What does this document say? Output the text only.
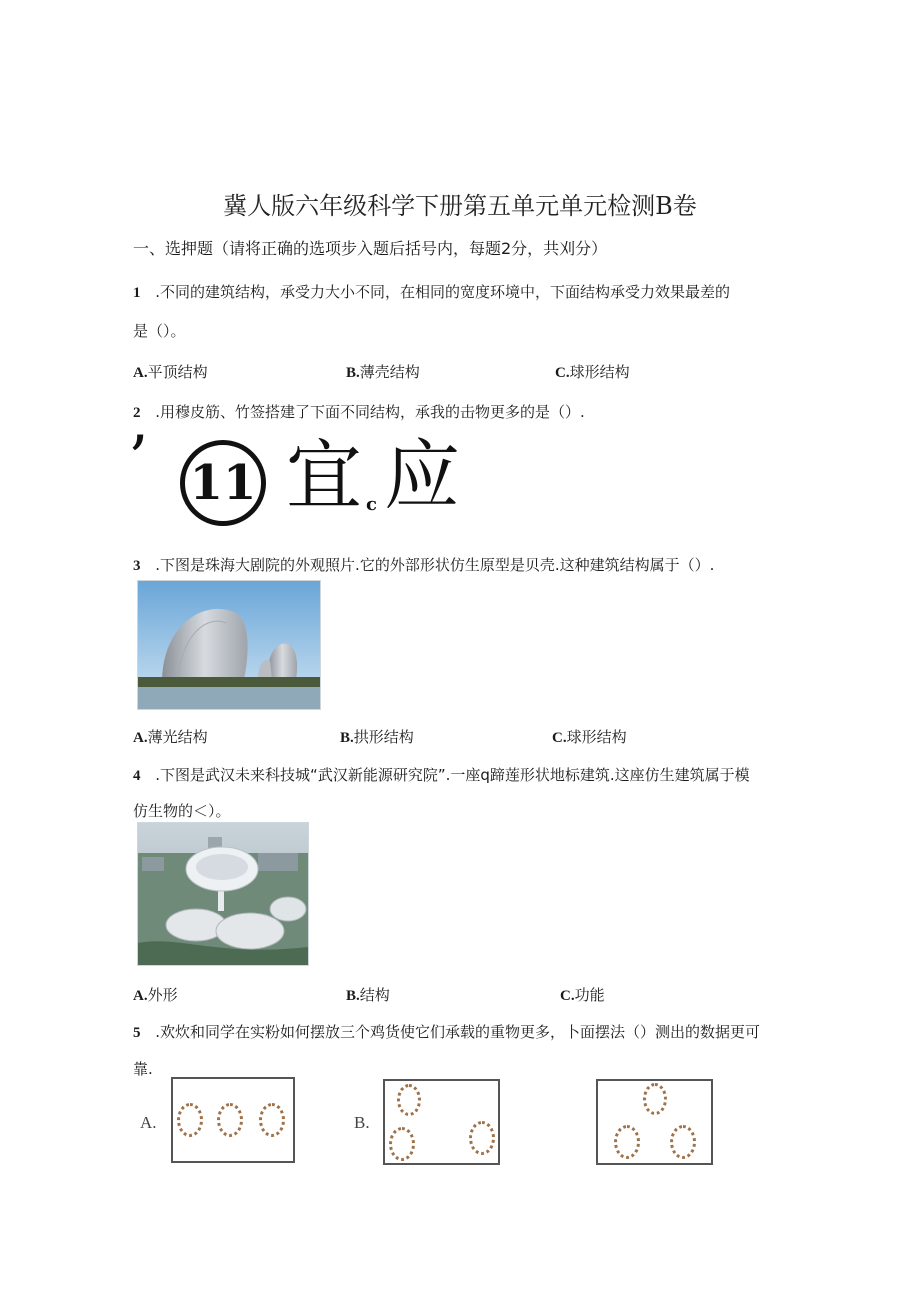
冀人版六年级科学下册第五单元单元检测B卷
一、选押题（请将正确的选项步入题后括号内，每题2分，共刈分）
1 .不同的建筑结构，承受力大小不同，在相同的宽度环境中，下面结构承受力效果最差的
是（）。
A.平顶结构	B.薄壳结构	C.球形结构
2 .用穆皮筋、竹签搭建了下面不同结构，承我的击物更多的是（）.
’ 11 宜 c 应
3 .下图是珠海大剧院的外观照片.它的外部形状仿生原型是贝壳.这种建筑结构属于（）.
A.薄光结构	B.拱形结构	C.球形结构
4 .下图是武汉未来科技城“武汉新能源研究院”.一座q蹄莲形状地标建筑.这座仿生建筑属于模
仿生物的＜）。
A.外形	B.结构	C.功能
5 .欢炊和同学在实粉如何摆放三个鸡货使它们承载的重物更多，卜面摆法（）测出的数据更可
靠.
A.	B.
